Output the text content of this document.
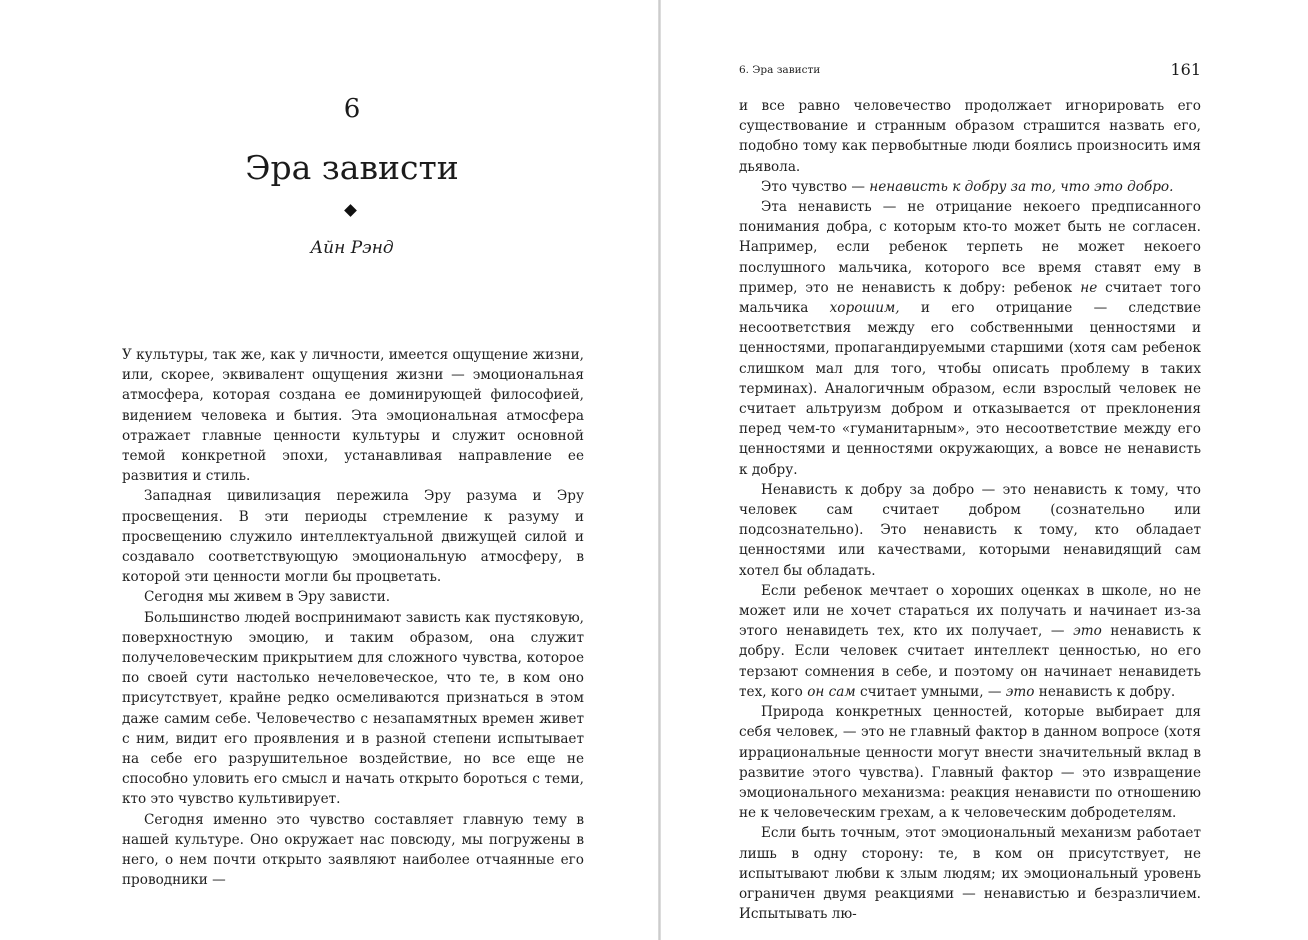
6
Эра зависти
Айн Рэнд

У культуры, так же, как у личности, имеется ощущение жизни, или, скорее, эквивалент ощущения жизни — эмоциональная атмосфера, которая создана ее доминирующей философией, видением человека и бытия. Эта эмоциональная атмосфера отражает главные ценности культуры и служит основной темой конкретной эпохи, устанавливая направление ее развития и стиль.

Западная цивилизация пережила Эру разума и Эру просвещения. В эти периоды стремление к разуму и просвещению служило интеллектуальной движущей силой и создавало соответствующую эмоциональную атмосферу, в которой эти ценности могли бы процветать.

Сегодня мы живем в Эру зависти.

Большинство людей воспринимают зависть как пустяковую, поверхностную эмоцию, и таким образом, она служит получеловеческим прикрытием для сложного чувства, которое по своей сути настолько нечеловеческое, что те, в ком оно присутствует, крайне редко осмеливаются признаться в этом даже самим себе. Человечество с незапамятных времен живет с ним, видит его проявления и в разной степени испытывает на себе его разрушительное воздействие, но все еще не способно уловить его смысл и начать открыто бороться с теми, кто это чувство культивирует.

Сегодня именно это чувство составляет главную тему в нашей культуре. Оно окружает нас повсюду, мы погружены в него, о нем почти открыто заявляют наиболее отчаянные его проводники —

6. Эра зависти	161

и все равно человечество продолжает игнорировать его существование и странным образом страшится назвать его, подобно тому как первобытные люди боялись произносить имя дьявола.

Это чувство — ненависть к добру за то, что это добро.

Эта ненависть — не отрицание некоего предписанного понимания добра, с которым кто-то может быть не согласен. Например, если ребенок терпеть не может некоего послушного мальчика, которого все время ставят ему в пример, это не ненависть к добру: ребенок не считает того мальчика хорошим, и его отрицание — следствие несоответствия между его собственными ценностями и ценностями, пропагандируемыми старшими (хотя сам ребенок слишком мал для того, чтобы описать проблему в таких терминах). Аналогичным образом, если взрослый человек не считает альтруизм добром и отказывается от преклонения перед чем-то «гуманитарным», это несоответствие между его ценностями и ценностями окружающих, а вовсе не ненависть к добру.

Ненависть к добру за добро — это ненависть к тому, что человек сам считает добром (сознательно или подсознательно). Это ненависть к тому, кто обладает ценностями или качествами, которыми ненавидящий сам хотел бы обладать.

Если ребенок мечтает о хороших оценках в школе, но не может или не хочет стараться их получать и начинает из-за этого ненавидеть тех, кто их получает, — это ненависть к добру. Если человек считает интеллект ценностью, но его терзают сомнения в себе, и поэтому он начинает ненавидеть тех, кого он сам считает умными, — это ненависть к добру.

Природа конкретных ценностей, которые выбирает для себя человек, — это не главный фактор в данном вопросе (хотя иррациональные ценности могут внести значительный вклад в развитие этого чувства). Главный фактор — это извращение эмоционального механизма: реакция ненависти по отношению не к человеческим грехам, а к человеческим добродетелям.

Если быть точным, этот эмоциональный механизм работает лишь в одну сторону: те, в ком он присутствует, не испытывают любви к злым людям; их эмоциональный уровень ограничен двумя реакциями — ненавистью и безразличием. Испытывать лю-
